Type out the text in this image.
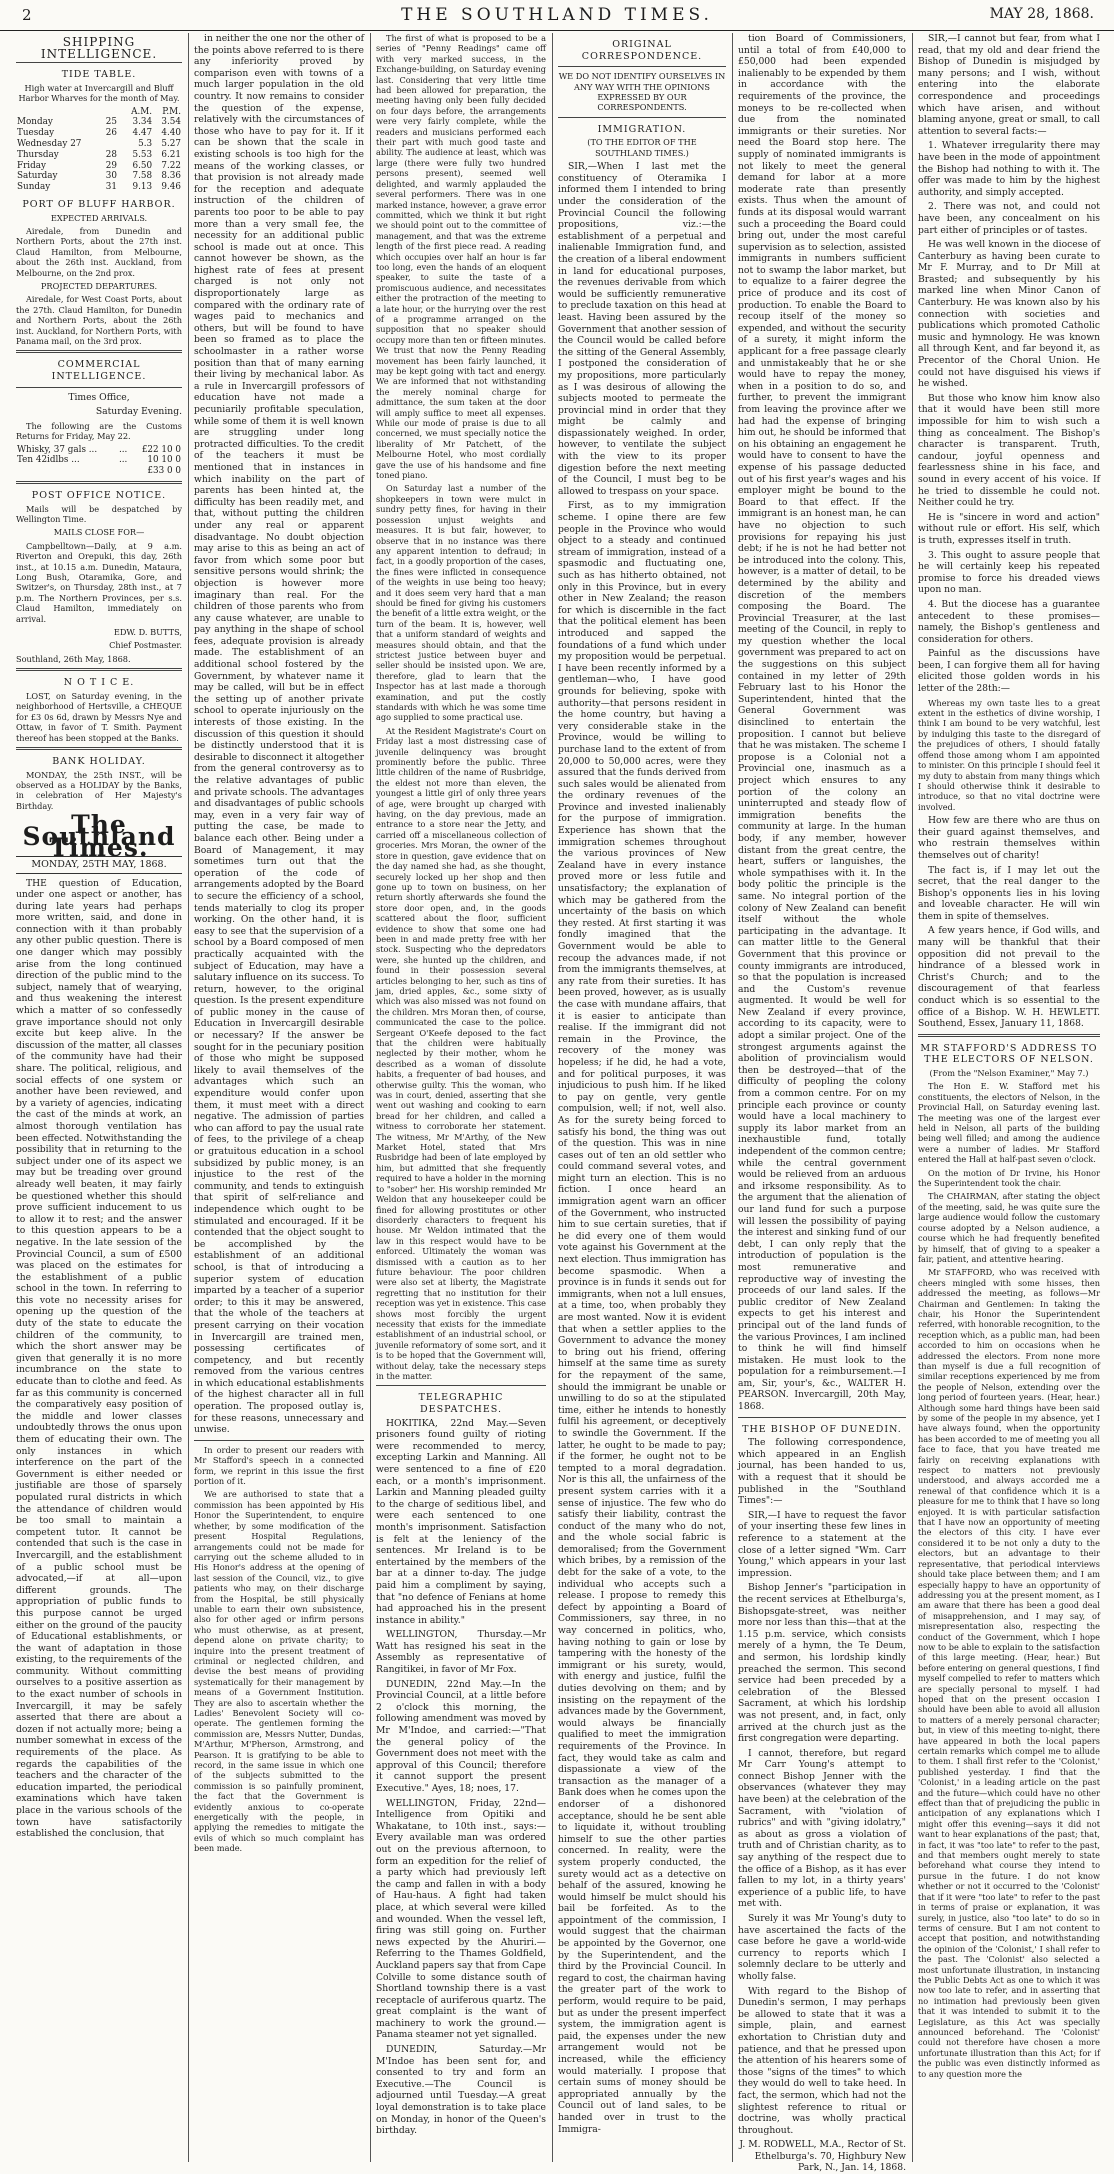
2	THE SOUTHLAND TIMES.	MAY 28, 1868.
SHIPPING INTELLIGENCE.
TIDE TABLE.

High water at Invercargill and Bluff Harbor Wharves for the month of May.

		A.M.	P.M.
Monday	25	3.34	3.54
Tuesday	26	4.47	4.40
Wednesday 27		5.3	5.27
Thursday	28	5.53	6.21
Friday	29	6.50	7.22
Saturday	30	7.58	8.36
Sunday	31	9.13	9.46
PORT OF BLUFF HARBOR.

EXPECTED ARRIVALS.

Airedale, from Dunedin and Northern Ports, about the 27th inst. Claud Hamilton, from Melbourne, about the 26th inst. Auckland, from Melbourne, on the 2nd prox.

PROJECTED DEPARTURES.

Airedale, for West Coast Ports, about the 27th. Claud Hamilton, for Dunedin and Northern Ports, about the 26th inst. Auckland, for Northern Ports, with Panama mail, on the 3rd prox.

COMMERCIAL INTELLIGENCE.

Times Office,

Saturday Evening.

The following are the Customs Returns for Friday, May 22.

Whisky, 37 gals ...	...	£22 10 0
Ten 42idlbs ...	...	10 10 0
		£33 0 0
POST OFFICE NOTICE.

Mails will be despatched by Wellington Time.

MAILS CLOSE FOR—

Campbelltown—Daily, at 9 a.m. Riverton and Orepuki, this day, 26th inst., at 10.15 a.m. Dunedin, Mataura, Long Bush, Otaramika, Gore, and Switzer's, on Thursday, 28th inst., at 7 p.m. The Northern Provinces, per s.s. Claud Hamilton, immediately on arrival.

EDW. D. BUTTS,

Chief Postmaster.

Southland, 26th May, 1868.

N O T I C E.

LOST, on Saturday evening, in the neighborhood of Hertsville, a CHEQUE for £3 0s 6d, drawn by Messrs Nye and Ottaw, in favor of T. Smith. Payment thereof has been stopped at the Banks.

BANK HOLIDAY.

MONDAY, the 25th INST., will be observed as a HOLIDAY by the Banks, in celebration of Her Majesty's Birthday.

The Southland Times.
MONDAY, 25TH MAY, 1868.

THE question of Education, under one aspect or another, has during late years had perhaps more written, said, and done in connection with it than probably any other public question. There is one danger which may possibly arise from the long continued direction of the public mind to the subject, namely that of wearying, and thus weakening the interest which a matter of so confessedly grave importance should not only excite but keep alive. In the discussion of the matter, all classes of the community have had their share. The political, religious, and social effects of one system or another have been reviewed, and by a variety of agencies, indicating the cast of the minds at work, an almost thorough ventilation has been effected. Notwithstanding the possibility that in returning to the subject under one of its aspect we may but be treading over ground already well beaten, it may fairly be questioned whether this should prove sufficient inducement to us to allow it to rest; and the answer to this question appears to be a negative. In the late session of the Provincial Council, a sum of £500 was placed on the estimates for the establishment of a public school in the town. In referring to this vote no necessity arises for opening up the question of the duty of the state to educate the children of the community, to which the short answer may be given that generally it is no more incumbrance on the state to educate than to clothe and feed. As far as this community is concerned the comparatively easy position of the middle and lower classes undoubtedly throws the onus upon them of educating their own. The only instances in which interference on the part of the Government is either needed or justifiable are those of sparsely populated rural districts in which the attendance of children would be too small to maintain a competent tutor. It cannot be contended that such is the case in Invercargill, and the establishment of a public school must be advocated,—if at all—upon different grounds. The appropriation of public funds to this purpose cannot be urged either on the ground of the paucity of Educational establishments, or the want of adaptation in those existing, to the requirements of the community. Without committing ourselves to a positive assertion as to the exact number of schools in Invercargill, it may be safely asserted that there are about a dozen if not actually more; being a number somewhat in excess of the requirements of the place. As regards the capabilities of the teachers and the character of the education imparted, the periodical examinations which have taken place in the various schools of the town have satisfactorily established the conclusion, that

in neither the one nor the other of the points above referred to is there any inferiority proved by comparison even with towns of a much larger population in the old country. It now remains to consider the question of the expense, relatively with the circumstances of those who have to pay for it. If it can be shown that the scale in existing schools is too high for the means of the working classes, or that provision is not already made for the reception and adequate instruction of the children of parents too poor to be able to pay more than a very small fee, the necessity for an additional public school is made out at once. This cannot however be shown, as the highest rate of fees at present charged is not only not disproportionately large as compared with the ordinary rate of wages paid to mechanics and others, but will be found to have been so framed as to place the schoolmaster in a rather worse position than that of many earning their living by mechanical labor. As a rule in Invercargill professors of education have not made a pecuniarily profitable speculation, while some of them it is well known are struggling under long protracted difficulties. To the credit of the teachers it must be mentioned that in instances in which inability on the part of parents has been hinted at, the difficulty has been readily met, and that, without putting the children under any real or apparent disadvantage. No doubt objection may arise to this as being an act of favor from which some poor but sensitive persons would shrink; the objection is however more imaginary than real. For the children of those parents who from any cause whatever, are unable to pay anything in the shape of school fees, adequate provision is already made. The establishment of an additional school fostered by the Government, by whatever name it may be called, will but be in effect the setting up of another private school to operate injuriously on the interests of those existing. In the discussion of this question it should be distinctly understood that it is desirable to disconnect it altogether from the general controversy as to the relative advantages of public and private schools. The advantages and disadvantages of public schools may, even in a very fair way of putting the case, be made to balance each other. Being under a Board of Management, it may sometimes turn out that the operation of the code of arrangements adopted by the Board to secure the efficiency of a school, tends materially to clog its proper working. On the other hand, it is easy to see that the supervision of a school by a Board composed of men practically acquainted with the subject of Education, may have a salutary influence on its success. To return, however, to the original question. Is the present expenditure of public money in the cause of Education in Invercargill desirable or necessary? If the answer be sought for in the pecuniary position of those who might be supposed likely to avail themselves of the advantages which such an expenditure would confer upon them, it must meet with a direct negative. The admission of parties who can afford to pay the usual rate of fees, to the privilege of a cheap or gratuitous education in a school subsidized by public money, is an injustice to the rest of the community, and tends to extinguish that spirit of self-reliance and independence which ought to be stimulated and encouraged. If it be contended that the object sought to be accomplished by the establishment of an additional school, is that of introducing a superior system of education imparted by a teacher of a superior order; to this it may be answered, that the whole of the teachers at present carrying on their vocation in Invercargill are trained men, possessing certificates of competency, and but recently removed from the various centres in which educational establishments of the highest character all in full operation. The proposed outlay is, for these reasons, unnecessary and unwise.

In order to present our readers with Mr Stafford's speech in a connected form, we reprint in this issue the first portion of it.

We are authorised to state that a commission has been appointed by His Honor the Superintendent, to enquire whether, by some modification of the present Hospital Regulations, arrangements could not be made for carrying out the scheme alluded to in His Honor's address at the opening of last session of the Council, viz., to give patients who may, on their discharge from the Hospital, be still physically unable to earn their own subsistence, also for other aged or infirm persons who must otherwise, as at present, depend alone on private charity; to inquire into the present treatment of criminal or neglected children, and devise the best means of providing systematically for their management by means of a Government Institution. They are also to ascertain whether the Ladies' Benevolent Society will co-operate. The gentlemen forming the commission are, Messrs Nutter, Dundas, M'Arthur, M'Pherson, Armstrong, and Pearson. It is gratifying to be able to record, in the same issue in which one of the subjects submitted to the commission is so painfully prominent, the fact that the Government is evidently anxious to co-operate energetically with the people, in applying the remedies to mitigate the evils of which so much complaint has been made.

The first of what is proposed to be a series of "Penny Readings" came off with very marked success, in the Exchange-building, on Saturday evening last. Considering that very little time had been allowed for preparation, the meeting having only been fully decided on four days before, the arrangements were very fairly complete, while the readers and musicians performed each their part with much good taste and ability. The audience at least, which was large (there were fully two hundred persons present), seemed well delighted, and warmly applauded the several performers. There was in one marked instance, however, a grave error committed, which we think it but right we should point out to the committee of management, and that was the extreme length of the first piece read. A reading which occupies over half an hour is far too long, even the hands of an eloquent speaker, to suite the taste of a promiscuous audience, and necessitates either the protraction of the meeting to a late hour, or the hurrying over the rest of a programme arranged on the supposition that no speaker should occupy more than ten or fifteen minutes. We trust that now the Penny Reading movement has been fairly launched, it may be kept going with tact and energy. We are informed that not withstanding the merely nominal charge for admittance, the sum taken at the door will amply suffice to meet all expenses. While our mode of praise is due to all concerned, we must specially notice the liberality of Mr Patchett, of the Melbourne Hotel, who most cordially gave the use of his handsome and fine toned piano.

On Saturday last a number of the shopkeepers in town were mulct in sundry petty fines, for having in their possession unjust weights and measures. It is but fair, however, to observe that in no instance was there any apparent intention to defraud; in fact, in a goodly proportion of the cases, the fines were inflicted in consequence of the weights in use being too heavy; and it does seem very hard that a man should be fined for giving his customers the benefit of a little extra weight, or the turn of the beam. It is, however, well that a uniform standard of weights and measures should obtain, and that the strictest justice between buyer and seller should be insisted upon. We are, therefore, glad to learn that the Inspector has at last made a thorough examination, and put the costly standards with which he was some time ago supplied to some practical use.

At the Resident Magistrate's Court on Friday last a most distressing case of juvenile delinquency was brought prominently before the public. Three little children of the name of Rusbridge, the eldest not more than eleven, the youngest a little girl of only three years of age, were brought up charged with having, on the day previous, made an entrance to a store near the Jetty, and carried off a miscellaneous collection of groceries. Mrs Moran, the owner of the store in question, gave evidence that on the day named she had, as she thought, securely locked up her shop and then gone up to town on business, on her return shortly afterwards she found the store door open, and, in the goods scattered about the floor, sufficient evidence to show that some one had been in and made pretty free with her stock. Suspecting who the depredators were, she hunted up the children, and found in their possession several articles belonging to her, such as tins of jam, dried apples, &c., some sixty of which was also missed was not found on the children. Mrs Moran then, of course, communicated the case to the police. Sergeant O'Keefe deposed to the fact that the children were habitually neglected by their mother, whom he described as a woman of dissolute habits, a frequenter of bad houses, and otherwise guilty. This the woman, who was in court, denied, asserting that she went out washing and cooking to earn bread for her children, and called a witness to corroborate her statement. The witness, Mr M'Arthy, of the New Market Hotel, stated that Mrs Rusbridge had been of late employed by him, but admitted that she frequently required to have a holder in the morning to "sober" her. His worship reminded Mr Weldon that any housekeeper could be fined for allowing prostitutes or other disorderly characters to frequent his house. Mr Weldon intimated that the law in this respect would have to be enforced. Ultimately the woman was dismissed with a caution as to her future behaviour. The poor children were also set at liberty, the Magistrate regretting that no institution for their reception was yet in existence. This case shows most forcibly the urgent necessity that exists for the immediate establishment of an industrial school, or juvenile reformatory of some sort, and it is to be hoped that the Government will, without delay, take the necessary steps in the matter.

TELEGRAPHIC DESPATCHES.

HOKITIKA, 22nd May.—Seven prisoners found guilty of rioting were recommended to mercy, excepting Larkin and Manning. All were sentenced to a fine of £20 each, or a month's imprisonment. Larkin and Manning pleaded guilty to the charge of seditious libel, and were each sentenced to one month's imprisonment. Satisfaction is felt at the leniency of the sentences. Mr Ireland is to be entertained by the members of the bar at a dinner to-day. The judge paid him a compliment by saying, that "no defence of Fenians at home had approached his in the present instance in ability."

WELLINGTON, Thursday.—Mr Watt has resigned his seat in the Assembly as representative of Rangitikei, in favor of Mr Fox.

DUNEDIN, 22nd May.—In the Provincial Council, at a little before 2 o'clock this morning, the following amendment was moved by Mr M'Indoe, and carried:—"That the general policy of the Government does not meet with the approval of this Council; therefore it cannot support the present Executive." Ayes, 18; noes, 17.

WELLINGTON, Friday, 22nd—Intelligence from Opitiki and Whakatane, to 10th inst., says:—Every available man was ordered out on the previous afternoon, to form an expedition for the relief of a party which had previously left the camp and fallen in with a body of Hau-haus. A fight had taken place, at which several were killed and wounded. When the vessel left, firing was still going on. Further news expected by the Ahuriri.—Referring to the Thames Goldfield, Auckland papers say that from Cape Colville to some distance south of Shortland township there is a vast receptacle of auriferous quartz. The great complaint is the want of machinery to work the ground.—Panama steamer not yet signalled.

DUNEDIN, Saturday.—Mr M'Indoe has been sent for, and consented to try and form an Executive.—The Council is adjourned until Tuesday.—A great loyal demonstration is to take place on Monday, in honor of the Queen's birthday.

ORIGINAL CORRESPONDENCE.

WE DO NOT IDENTIFY OURSELVES IN ANY WAY WITH THE OPINIONS EXPRESSED BY OUR CORRESPONDENTS.

IMMIGRATION.

(TO THE EDITOR OF THE SOUTHLAND TIMES.)

SIR,—When I last met the constituency of Oteramika I informed them I intended to bring under the consideration of the Provincial Council the following propositions, viz.:—the establishment of a perpetual and inalienable Immigration fund, and the creation of a liberal endowment in land for educational purposes, the revenues derivable from which would be sufficiently remunerative to preclude taxation on this head at least. Having been assured by the Government that another session of the Council would be called before the sitting of the General Assembly, I postponed the consideration of my propositions, more particularly as I was desirous of allowing the subjects mooted to permeate the provincial mind in order that they might be calmly and dispassionately weighed. In order, however, to ventilate the subject with the view to its proper digestion before the next meeting of the Council, I must beg to be allowed to trespass on your space.

First, as to my immigration scheme. I opine there are few people in the Province who would object to a steady and continued stream of immigration, instead of a spasmodic and fluctuating one, such as has hitherto obtained, not only in this Province, but in every other in New Zealand; the reason for which is discernible in the fact that the political element has been introduced and sapped the foundations of a fund which under my proposition would be perpetual. I have been recently informed by a gentleman—who, I have good grounds for believing, spoke with authority—that persons resident in the home country, but having a very considerable stake in the Province, would be willing to purchase land to the extent of from 20,000 to 50,000 acres, were they assured that the funds derived from such sales would be alienated from the ordinary revenues of the Province and invested inalienably for the purpose of immigration. Experience has shown that the immigration schemes throughout the various provinces of New Zealand have in every instance proved more or less futile and unsatisfactory; the explanation of which may be gathered from the uncertainty of the basis on which they rested. At first starting it was fondly imagined that the Government would be able to recoup the advances made, if not from the immigrants themselves, at any rate from their sureties. It has been proved, however, as is usually the case with mundane affairs, that it is easier to anticipate than realise. If the immigrant did not remain in the Province, the recovery of the money was hopeless; if he did, he had a vote, and for political purposes, it was injudicious to push him. If he liked to pay on gentle, very gentle compulsion, well; if not, well also. As for the surety being forced to satisfy his bond, the thing was out of the question. This was in nine cases out of ten an old settler who could command several votes, and might turn an election. This is no fiction. I once heard an immigration agent warn an officer of the Government, who instructed him to sue certain sureties, that if he did every one of them would vote against his Government at the next election. Thus immigration has become spasmodic. When a province is in funds it sends out for immigrants, when not a lull ensues, at a time, too, when probably they are most wanted. Now it is evident that when a settler applies to the Government to advance the money to bring out his friend, offering himself at the same time as surety for the repayment of the same, should the immigrant be unable or unwilling to do so at the stipulated time, either he intends to honestly fulfil his agreement, or deceptively to swindle the Government. If the latter, he ought to be made to pay; if the former, he ought not to be tempted to a moral degradation. Nor is this all, the unfairness of the present system carries with it a sense of injustice. The few who do satisfy their liability, contrast the conduct of the many who do not, and the whole social fabric is demoralised; from the Government which bribes, by a remission of the debt for the sake of a vote, to the individual who accepts such a release. I propose to remedy this defect by appointing a Board of Commissioners, say three, in no way concerned in politics, who, having nothing to gain or lose by tampering with the honesty of the immigrant or his surety, would, with energy and justice, fulfil the duties devolving on them; and by insisting on the repayment of the advances made by the Government, would always be financially qualified to meet the immigration requirements of the Province. In fact, they would take as calm and dispassionate a view of the transaction as the manager of a Bank does when he comes upon the endorser of a dishonored acceptance, should he be sent able to liquidate it, without troubling himself to sue the other parties concerned. In reality, were the system properly conducted, the surety would act as a detective on behalf of the assured, knowing he would himself be mulct should his bail be forfeited. As to the appointment of the commission, I would suggest that the chairman be appointed by the Governor, one by the Superintendent, and the third by the Provincial Council. In regard to cost, the chairman having the greater part of the work to perform, would require to be paid, but as under the present imperfect system, the immigration agent is paid, the expenses under the new arrangement would not be increased, while the efficiency would materially. I propose that certain sums of money should be appropriated annually by the Council out of land sales, to be handed over in trust to the Immigra-

tion Board of Commissioners, until a total of from £40,000 to £50,000 had been expended inalienably to be expended by them in accordance with the requirements of the province, the moneys to be re-collected when due from the nominated immigrants or their sureties. Nor need the Board stop here. The supply of nominated immigrants is not likely to meet the general demand for labor at a more moderate rate than presently exists. Thus when the amount of funds at its disposal would warrant such a proceeding the Board could bring out, under the most careful supervision as to selection, assisted immigrants in numbers sufficient not to swamp the labor market, but to equalize to a fairer degree the price of produce and its cost of production. To enable the Board to recoup itself of the money so expended, and without the security of a surety, it might inform the applicant for a free passage clearly and unmistakeably that he or she would have to repay the money, when in a position to do so, and further, to prevent the immigrant from leaving the province after we had had the expense of bringing him out, he should be informed that on his obtaining an engagement he would have to consent to have the expense of his passage deducted out of his first year's wages and his employer might be bound to the Board to that effect. If the immigrant is an honest man, he can have no objection to such provisions for repaying his just debt; if he is not he had better not be introduced into the colony. This, however, is a matter of detail, to be determined by the ability and discretion of the members composing the Board. The Provincial Treasurer, at the last meeting of the Council, in reply to my question whether the local government was prepared to act on the suggestions on this subject contained in my letter of 29th February last to his Honor the Superintendent, hinted that the General Government was disinclined to entertain the proposition. I cannot but believe that he was mistaken. The scheme I propose is a Colonial not a Provincial one, inasmuch as a project which ensures to any portion of the colony an uninterrupted and steady flow of immigration benefits the community at large. In the human body, if any member, however distant from the great centre, the heart, suffers or languishes, the whole sympathises with it. In the body politic the principle is the same. No integral portion of the colony of New Zealand can benefit itself without the whole participating in the advantage. It can matter little to the General Government that this province or county immigrants are introduced, so that the population is increased and the Custom's revenue augmented. It would be well for New Zealand if every province, according to its capacity, were to adopt a similar project. One of the strongest arguments against the abolition of provincialism would then be destroyed—that of the difficulty of peopling the colony from a common centre. For on my principle each province or county would have a local machinery to supply its labor market from an inexhaustible fund, totally independent of the common centre; while the central government would be relieved from an arduous and irksome responsibility. As to the argument that the alienation of our land fund for such a purpose will lessen the possibility of paying the interest and sinking fund of our debt, I can only reply that the introduction of population is the most remunerative and reproductive way of investing the proceeds of our land sales. If the public creditor of New Zealand expects to get his interest and principal out of the land funds of the various Provinces, I am inclined to think he will find himself mistaken. He must look to the population for a reimbursement.—I am, Sir, your's, &c., WALTER H. PEARSON. Invercargill, 20th May, 1868.

THE BISHOP OF DUNEDIN.

The following correspondence, which appeared in an English journal, has been handed to us, with a request that it should be published in the "Southland Times":—

SIR,—I have to request the favor of your inserting these few lines in reference to a statement at the close of a letter signed "Wm. Carr Young," which appears in your last impression.

Bishop Jenner's "participation in the recent services at Ethelburga's, Bishopsgate-street, was neither more nor less than this—that at the 1.15 p.m. service, which consists merely of a hymn, the Te Deum, and sermon, his lordship kindly preached the sermon. This second service had been preceded by a celebration of the Blessed Sacrament, at which his lordship was not present, and, in fact, only arrived at the church just as the first congregation were departing.

I cannot, therefore, but regard Mr Carr Young's attempt to connect Bishop Jenner with the observances (whatever they may have been) at the celebration of the Sacrament, with "violation of rubrics" and with "giving idolatry," as about as gross a violation of truth and of Christian charity, as to say anything of the respect due to the office of a Bishop, as it has ever fallen to my lot, in a thirty years' experience of a public life, to have met with.

Surely it was Mr Young's duty to have ascertained the facts of the case before he gave a world-wide currency to reports which I solemnly declare to be utterly and wholly false.

With regard to the Bishop of Dunedin's sermon, I may perhaps be allowed to state that it was a simple, plain, and earnest exhortation to Christian duty and patience, and that he pressed upon the attention of his hearers some of those "signs of the times" to which they would do well to take heed. In fact, the sermon, which had not the slightest reference to ritual or doctrine, was wholly practical throughout.

J. M. RODWELL, M.A., Rector of St. Ethelburga's. 70, Highbury New Park, N., Jan. 14, 1868.

SIR,—I cannot but fear, from what I read, that my old and dear friend the Bishop of Dunedin is misjudged by many persons; and I wish, without entering into the elaborate correspondence and proceedings which have arisen, and without blaming anyone, great or small, to call attention to several facts:—

1. Whatever irregularity there may have been in the mode of appointment the Bishop had nothing to with it. The offer was made to him by the highest authority, and simply accepted.

2. There was not, and could not have been, any concealment on his part either of principles or of tastes.

He was well known in the diocese of Canterbury as having been curate to Mr F. Murray, and to Dr Mill at Brasted; and subsequently by his marked line when Minor Canon of Canterbury. He was known also by his connection with societies and publications which promoted Catholic music and hymnology. He was known all through Kent, and far beyond it, as Precentor of the Choral Union. He could not have disguised his views if he wished.

But those who know him know also that it would have been still more impossible for him to wish such a thing as concealment. The Bishop's character is transparent. Truth, candour, joyful openness and fearlessness shine in his face, and sound in every accent of his voice. If he tried to dissemble he could not. Neither could he try.

He is "sincere in word and action" without rule or effort. His self, which is truth, expresses itself in truth.

3. This ought to assure people that he will certainly keep his repeated promise to force his dreaded views upon no man.

4. But the diocese has a guarantee antecedent to these promises—namely, the Bishop's gentleness and consideration for others.

Painful as the discussions have been, I can forgive them all for having elicited those golden words in his letter of the 28th:—

Whereas my own taste lies to a great extent in the esthetics of divine worship, I think I am bound to be very watchful, lest by indulging this taste to the disregard of the prejudices of others, I should fatally offend those among whom I am appointed to minister. On this principle I should feel it my duty to abstain from many things which I should otherwise think it desirable to introduce, so that no vital doctrine were involved.

How few are there who are thus on their guard against themselves, and who restrain themselves within themselves out of charity!

The fact is, if I may let out the secret, that the real danger to the Bishop's opponents lies in his loving and loveable character. He will win them in spite of themselves.

A few years hence, if God wills, and many will be thankful that their opposition did not prevail to the hindrance of a blessed work in Christ's Church; and to the discouragement of that fearless conduct which is so essential to the office of a Bishop. W. H. HEWLETT. Southend, Essex, January 11, 1868.

MR STAFFORD'S ADDRESS TO THE ELECTORS OF NELSON.

(From the "Nelson Examiner," May 7.)

The Hon E. W. Stafford met his constituents, the electors of Nelson, in the Provincial Hall, on Saturday evening last. The meeting was one of the largest ever held in Nelson, all parts of the building being well filled; and among the audience were a number of ladies. Mr Stafford entered the Hall at half-past seven o'clock.

On the motion of Dr Irvine, his Honor the Superintendent took the chair.

The CHAIRMAN, after stating the object of the meeting, said, he was quite sure the large audience would follow the customary course adopted by a Nelson audience, a course which he had frequently benefited by himself, that of giving to a speaker a fair, patient, and attentive hearing.

Mr STAFFORD, who was received with cheers mingled with some hisses, then addressed the meeting, as follows—Mr Chairman and Gentlemen: In taking the chair, his Honor the Superintendent referred, with honorable recognition, to the reception which, as a public man, had been accorded to him on occasions when he addressed the electors. From none more than myself is due a full recognition of similar receptions experienced by me from the people of Nelson, extending over the long period of fourteen years. (Hear, hear.) Although some hard things have been said by some of the people in my absence, yet I have always found, when the opportunity has been accorded to me of meeting you all face to face, that you have treated me fairly on receiving explanations with respect to matters not previously understood, and always accorded me a renewal of that confidence which it is a pleasure for me to think that I have so long enjoyed. It is with particular satisfaction that I have now an opportunity of meeting the electors of this city. I have ever considered it to be not only a duty to the electors, but an advantage to their representative, that periodical interviews should take place between them; and I am especially happy to have an opportunity of addressing you at the present moment, as I am aware that there has been a good deal of misapprehension, and I may say, of misrepresentation also, respecting the conduct of the Government, which I hope now to be able to explain to the satisfaction of this large meeting. (Hear, hear.) But before entering on general questions, I find myself compelled to refer to matters which are specially personal to myself. I had hoped that on the present occasion I should have been able to avoid all allusion to matters of a merely personal character; but, in view of this meeting to-night, there have appeared in both the local papers certain remarks which compel me to allude to them. I shall first refer to the 'Colonist,' published yesterday. I find that the 'Colonist,' in a leading article on the past and the future—which could have no other effect than that of prejudicing the public in anticipation of any explanations which I might offer this evening—says it did not want to hear explanations of the past; that, in fact, it was "too late" to refer to the past, and that members ought merely to state beforehand what course they intend to pursue in the future. I do not know whether or not it occurred to the 'Colonist' that if it were "too late" to refer to the past in terms of praise or explanation, it was surely, in justice, also "too late" to do so in terms of censure. But I am not content to accept that position, and notwithstanding the opinion of the 'Colonist,' I shall refer to the past. The 'Colonist' also selected a most unfortunate illustration, in instancing the Public Debts Act as one to which it was now too late to refer, and in asserting that no intimation had previously been given that it was intended to submit it to the Legislature, as this Act was specially announced beforehand. The 'Colonist' could not therefore have chosen a more unfortunate illustration than this Act; for if the public was even distinctly informed as to any question more the
